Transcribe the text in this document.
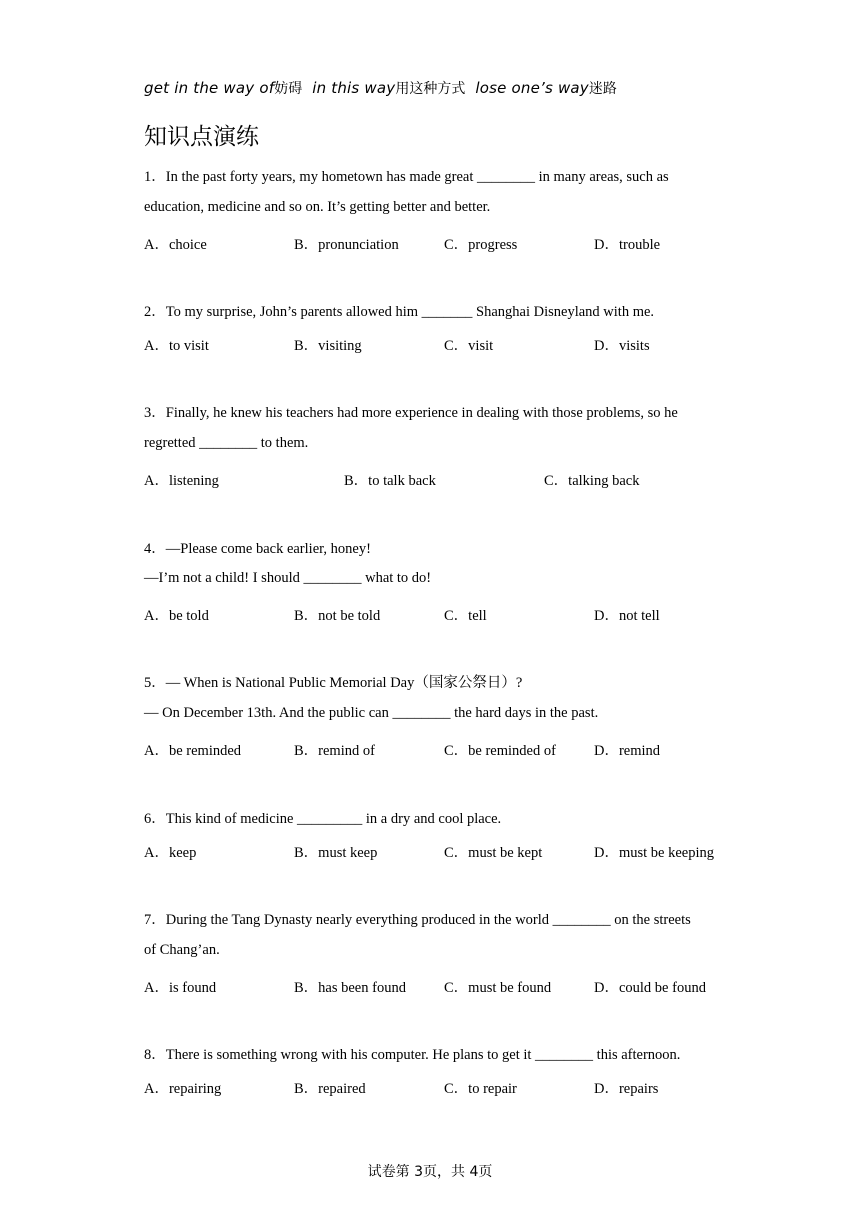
get in the way of妨碍 in this way用这种方式 lose one’s way迷路
知识点演练
1．In the past forty years, my hometown has made great ________ in many areas, such as
education, medicine and so on. It’s getting better and better.
A．choice	B．pronunciation	C．progress	D．trouble
2．To my surprise, John’s parents allowed him _______ Shanghai Disneyland with me.
A．to visit	B．visiting	C．visit	D．visits
3．Finally, he knew his teachers had more experience in dealing with those problems, so he
regretted ________ to them.
A．listening	B．to talk back	C．talking back
4．—Please come back earlier, honey!
—I’m not a child! I should ________ what to do!
A．be told	B．not be told	C．tell	D．not tell
5．— When is National Public Memorial Day（国家公祭日）?
— On December 13th. And the public can ________ the hard days in the past.
A．be reminded	B．remind of	C．be reminded of	D．remind
6．This kind of medicine _________ in a dry and cool place.
A．keep	B．must keep	C．must be kept	D．must be keeping
7．During the Tang Dynasty nearly everything produced in the world ________ on the streets
of Chang’an.
A．is found	B．has been found	C．must be found	D．could be found
8．There is something wrong with his computer. He plans to get it ________ this afternoon.
A．repairing	B．repaired	C．to repair	D．repairs
试卷第 3页，共 4页
